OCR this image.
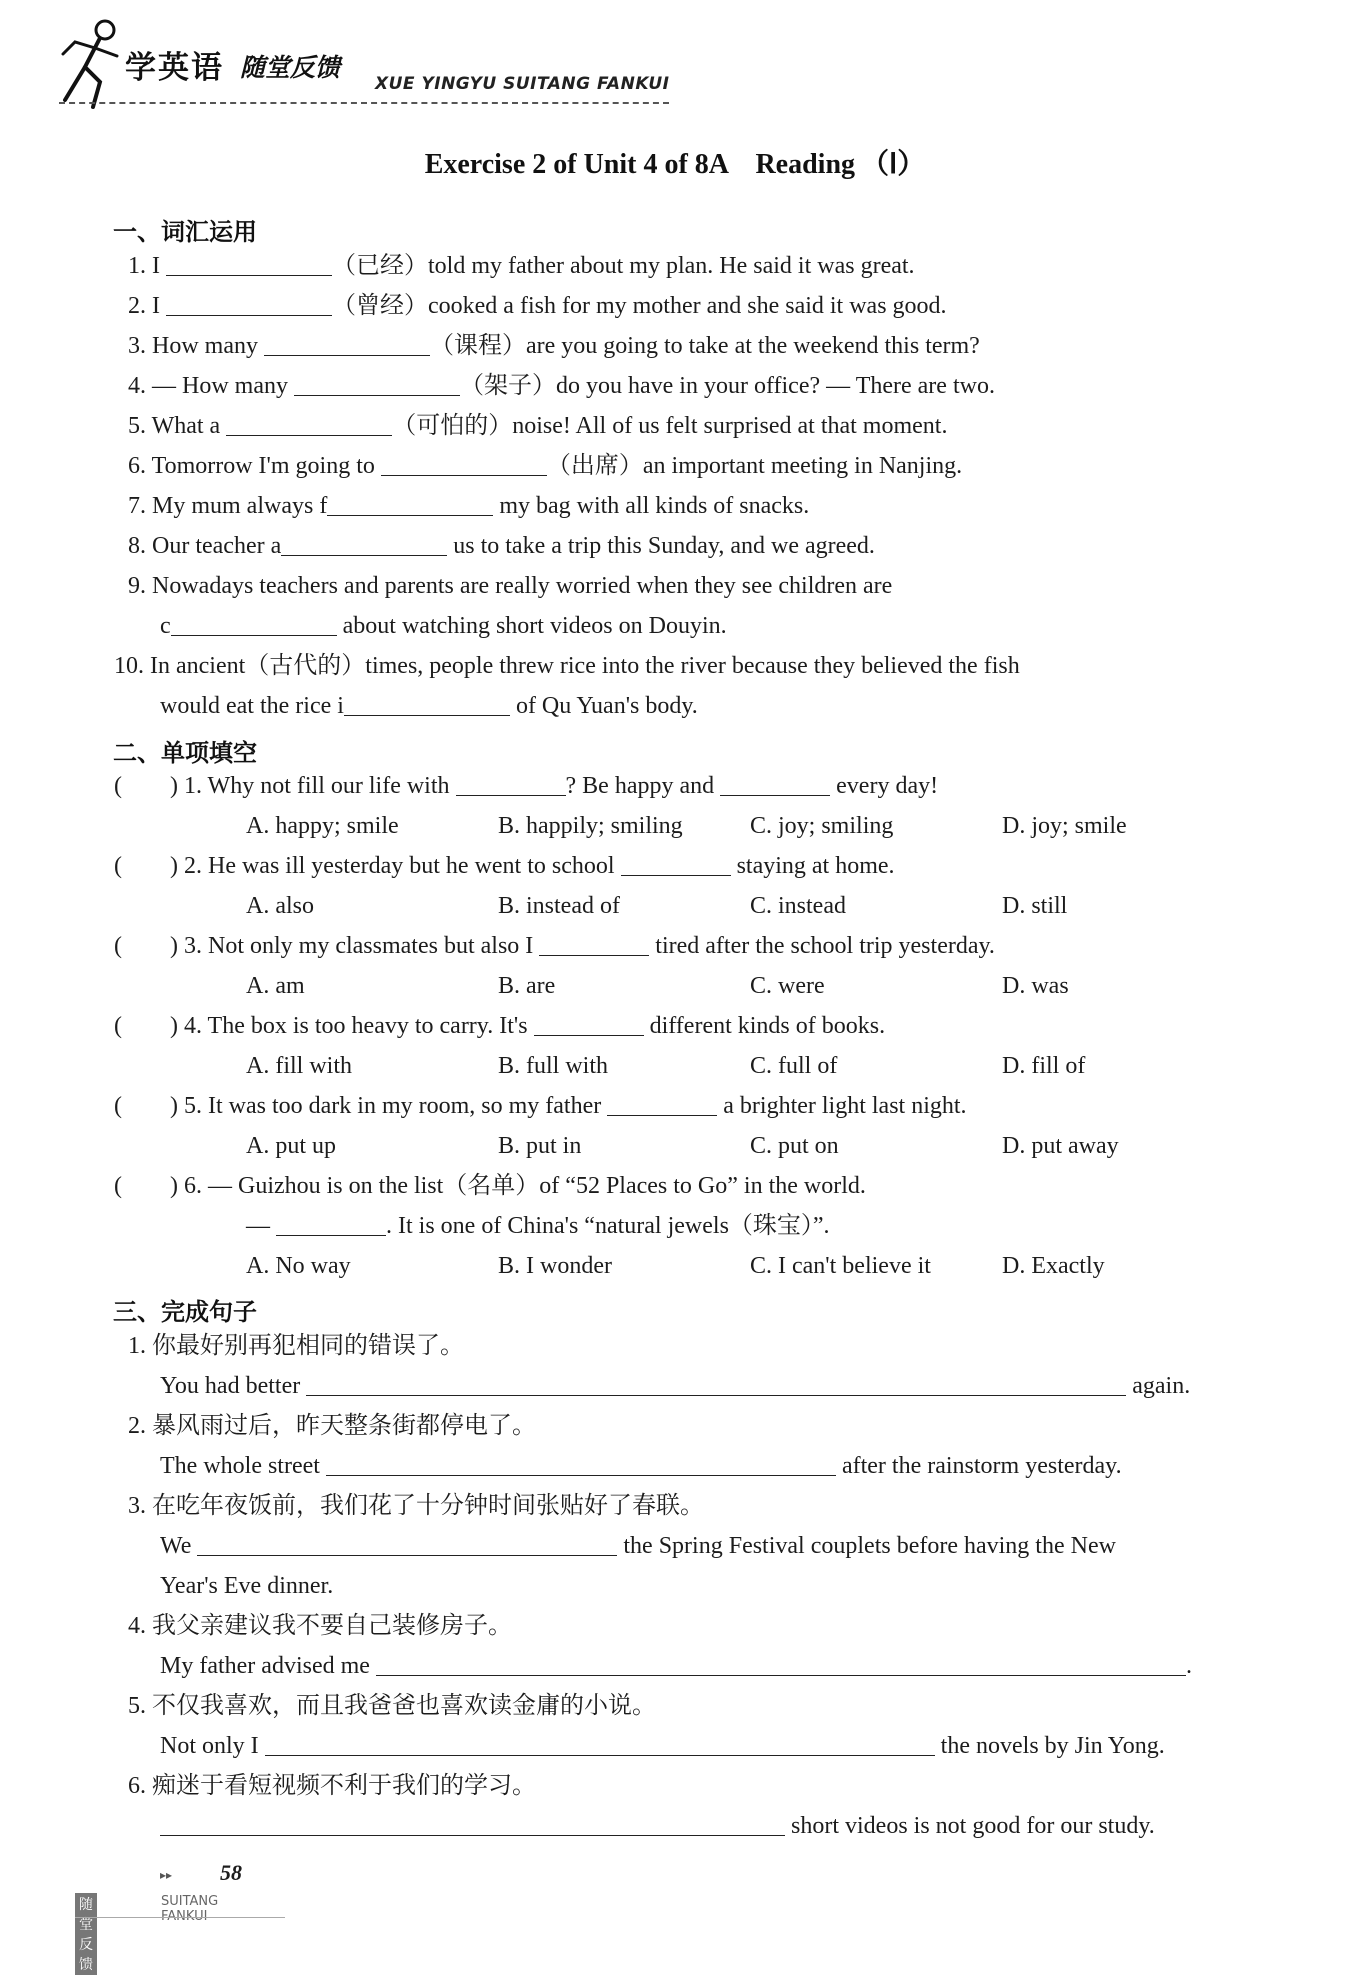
学英语 随堂反馈
XUE YINGYU SUITANG FANKUI
Exercise 2 of Unit 4 of 8A　Reading （Ⅰ）
一、词汇运用
1. I	（已经）told my father about my plan. He said it was great.
2. I	（曾经）cooked a fish for my mother and she said it was good.
3. How many	（课程）are you going to take at the weekend this term?
4. — How many	（架子）do you have in your office? — There are two.
5. What a	（可怕的）noise! All of us felt surprised at that moment.
6. Tomorrow I'm going to	（出席）an important meeting in Nanjing.
7. My mum always f	my bag with all kinds of snacks.
8. Our teacher a	us to take a trip this Sunday, and we agreed.
9. Nowadays teachers and parents are really worried when they see children are
c	about watching short videos on Douyin.
10. In ancient（古代的）times, people threw rice into the river because they believed the fish
would eat the rice i	of Qu Yuan's body.
二、单项填空
(　　) 1. Why not fill our life with	? Be happy and	every day!
A. happy; smile	B. happily; smiling	C. joy; smiling	D. joy; smile
(　　) 2. He was ill yesterday but he went to school	staying at home.
A. also	B. instead of	C. instead	D. still
(　　) 3. Not only my classmates but also I	tired after the school trip yesterday.
A. am	B. are	C. were	D. was
(　　) 4. The box is too heavy to carry. It's	different kinds of books.
A. fill with	B. full with	C. full of	D. fill of
(　　) 5. It was too dark in my room, so my father	a brighter light last night.
A. put up	B. put in	C. put on	D. put away
(　　) 6. — Guizhou is on the list（名单）of “52 Places to Go” in the world.
—	. It is one of China's “natural jewels（珠宝）”.
A. No way	B. I wonder	C. I can't believe it	D. Exactly
三、完成句子
1. 你最好别再犯相同的错误了。
You had better	again.
2. 暴风雨过后，昨天整条街都停电了。
The whole street	after the rainstorm yesterday.
3. 在吃年夜饭前，我们花了十分钟时间张贴好了春联。
We	the Spring Festival couplets before having the New
Year's Eve dinner.
4. 我父亲建议我不要自己装修房子。
My father advised me	.
5. 不仅我喜欢，而且我爸爸也喜欢读金庸的小说。
Not only I	the novels by Jin Yong.
6. 痴迷于看短视频不利于我们的学习。
short videos is not good for our study.
▸▸ 58
随堂反馈
SUITANG FANKUI
